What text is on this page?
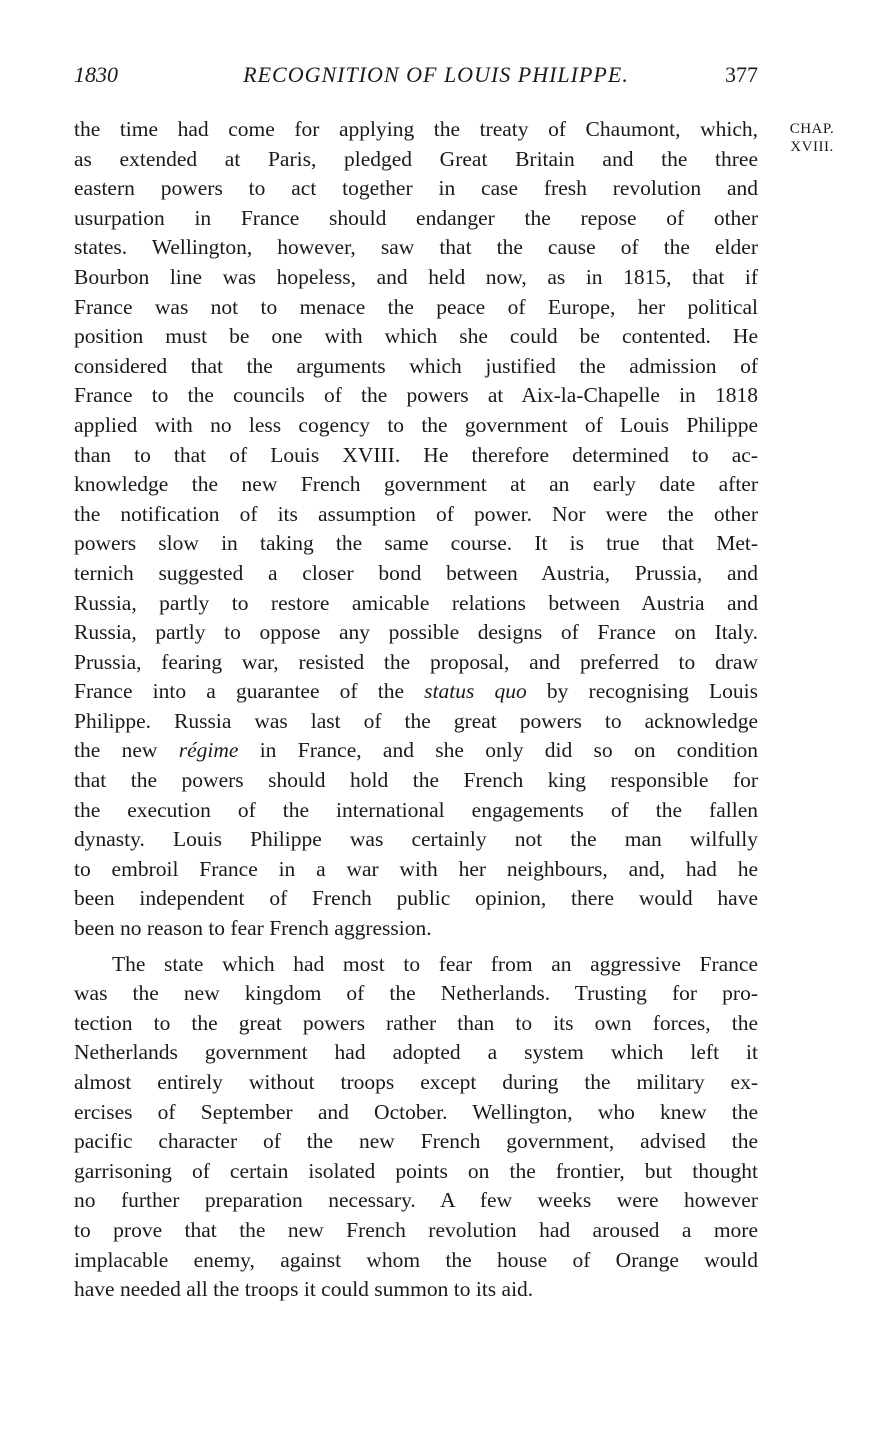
1830	RECOGNITION OF LOUIS PHILIPPE.	377
CHAP.
XVIII.
the time had come for applying the treaty of Chaumont, which,
as extended at Paris, pledged Great Britain and the three
eastern powers to act together in case fresh revolution and
usurpation in France should endanger the repose of other
states. Wellington, however, saw that the cause of the elder
Bourbon line was hopeless, and held now, as in 1815, that if
France was not to menace the peace of Europe, her political
position must be one with which she could be contented. He
considered that the arguments which justified the admission of
France to the councils of the powers at Aix-la-Chapelle in 1818
applied with no less cogency to the government of Louis Philippe
than to that of Louis XVIII. He therefore determined to ac-
knowledge the new French government at an early date after
the notification of its assumption of power. Nor were the other
powers slow in taking the same course. It is true that Met-
ternich suggested a closer bond between Austria, Prussia, and
Russia, partly to restore amicable relations between Austria and
Russia, partly to oppose any possible designs of France on Italy.
Prussia, fearing war, resisted the proposal, and preferred to draw
France into a guarantee of the status quo by recognising Louis
Philippe. Russia was last of the great powers to acknowledge
the new régime in France, and she only did so on condition
that the powers should hold the French king responsible for
the execution of the international engagements of the fallen
dynasty. Louis Philippe was certainly not the man wilfully
to embroil France in a war with her neighbours, and, had he
been independent of French public opinion, there would have
been no reason to fear French aggression.
The state which had most to fear from an aggressive France
was the new kingdom of the Netherlands. Trusting for pro-
tection to the great powers rather than to its own forces, the
Netherlands government had adopted a system which left it
almost entirely without troops except during the military ex-
ercises of September and October. Wellington, who knew the
pacific character of the new French government, advised the
garrisoning of certain isolated points on the frontier, but thought
no further preparation necessary. A few weeks were however
to prove that the new French revolution had aroused a more
implacable enemy, against whom the house of Orange would
have needed all the troops it could summon to its aid.
